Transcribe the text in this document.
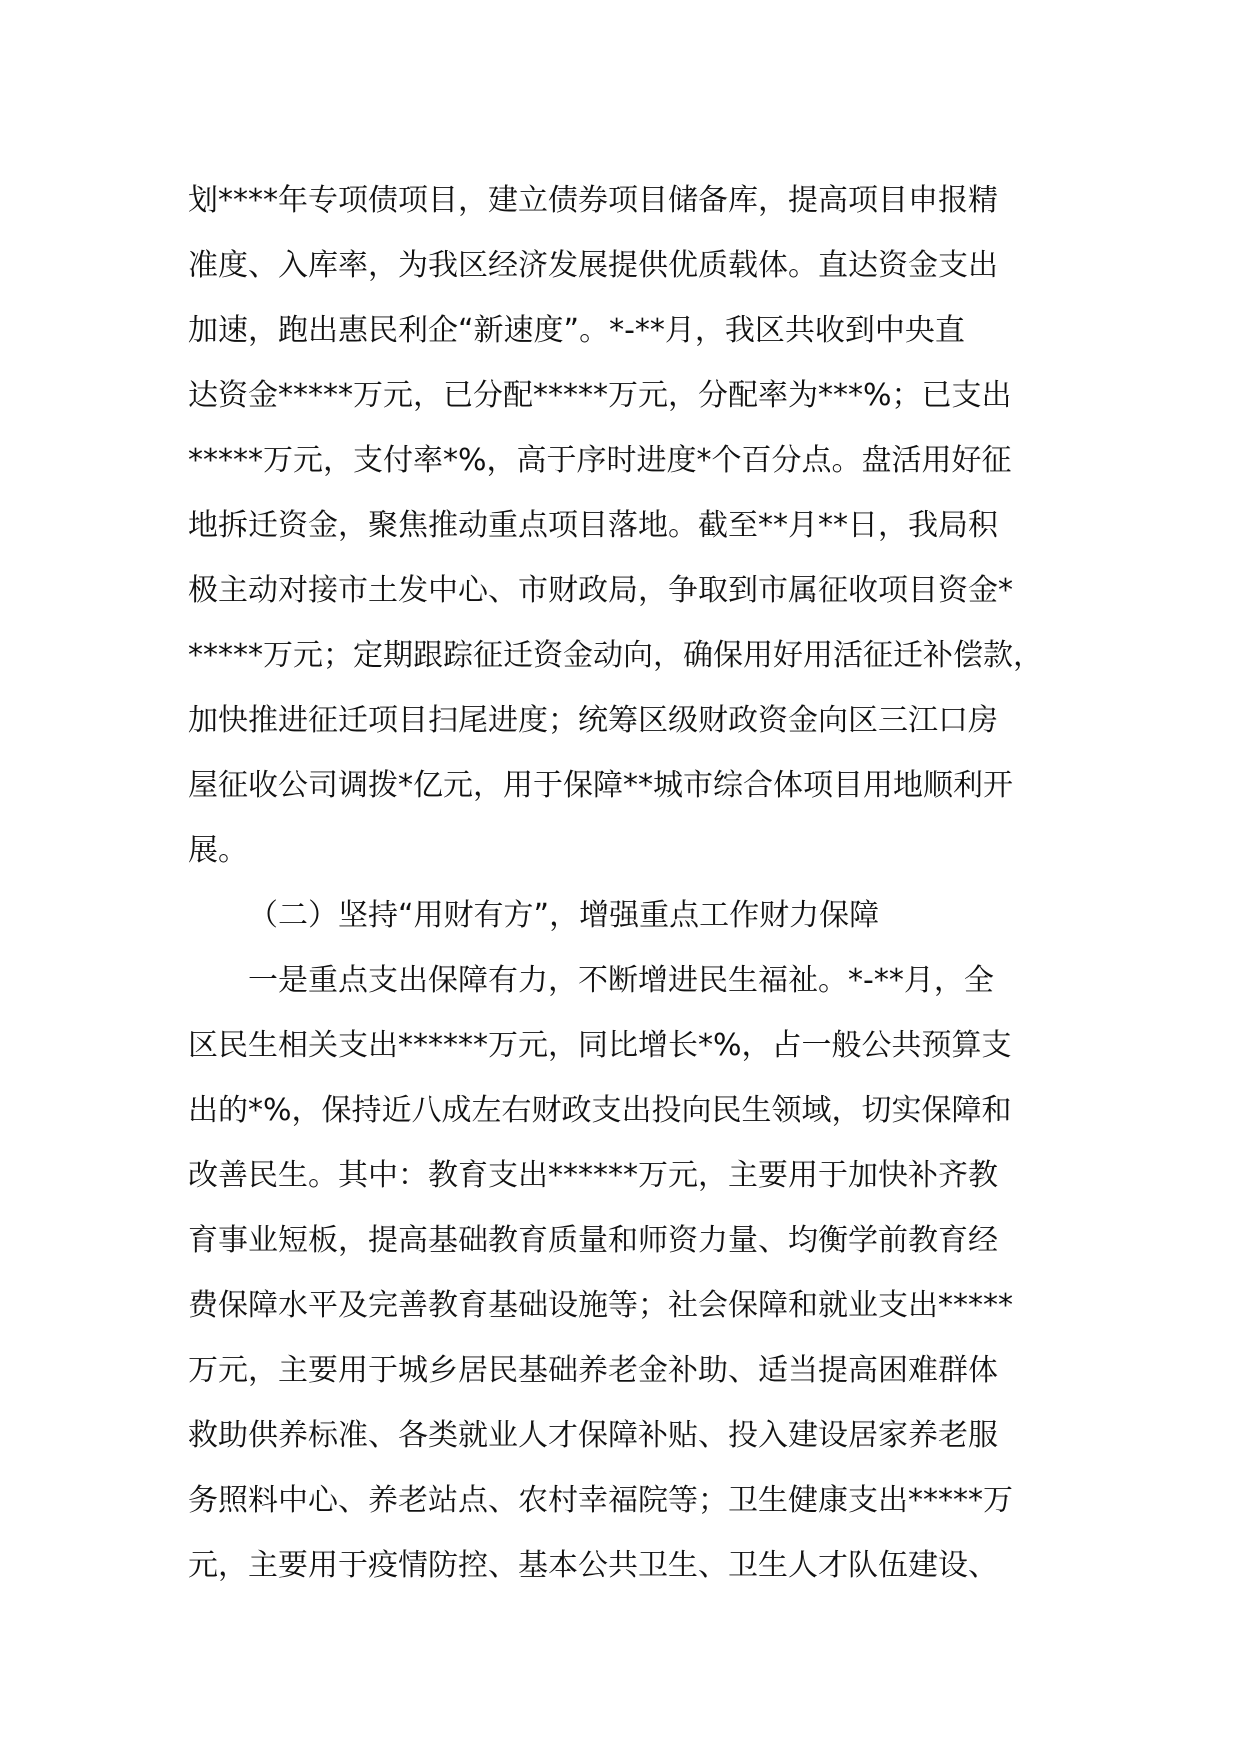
划****年专项债项目，建立债券项目储备库，提高项目申报精
准度、入库率，为我区经济发展提供优质载体。直达资金支出
加速，跑出惠民利企“新速度”。*-**月，我区共收到中央直
达资金*****万元，已分配*****万元，分配率为***%；已支出
*****万元，支付率*%，高于序时进度*个百分点。盘活用好征
地拆迁资金，聚焦推动重点项目落地。截至**月**日，我局积
极主动对接市土发中心、市财政局，争取到市属征收项目资金*
*****万元；定期跟踪征迁资金动向，确保用好用活征迁补偿款，
加快推进征迁项目扫尾进度；统筹区级财政资金向区三江口房
屋征收公司调拨*亿元，用于保障**城市综合体项目用地顺利开
展。
（二）坚持“用财有方”，增强重点工作财力保障
一是重点支出保障有力，不断增进民生福祉。*-**月，全
区民生相关支出******万元，同比增长*%，占一般公共预算支
出的*%，保持近八成左右财政支出投向民生领域，切实保障和
改善民生。其中：教育支出******万元，主要用于加快补齐教
育事业短板，提高基础教育质量和师资力量、均衡学前教育经
费保障水平及完善教育基础设施等；社会保障和就业支出*****
万元，主要用于城乡居民基础养老金补助、适当提高困难群体
救助供养标准、各类就业人才保障补贴、投入建设居家养老服
务照料中心、养老站点、农村幸福院等；卫生健康支出*****万
元，主要用于疫情防控、基本公共卫生、卫生人才队伍建设、
